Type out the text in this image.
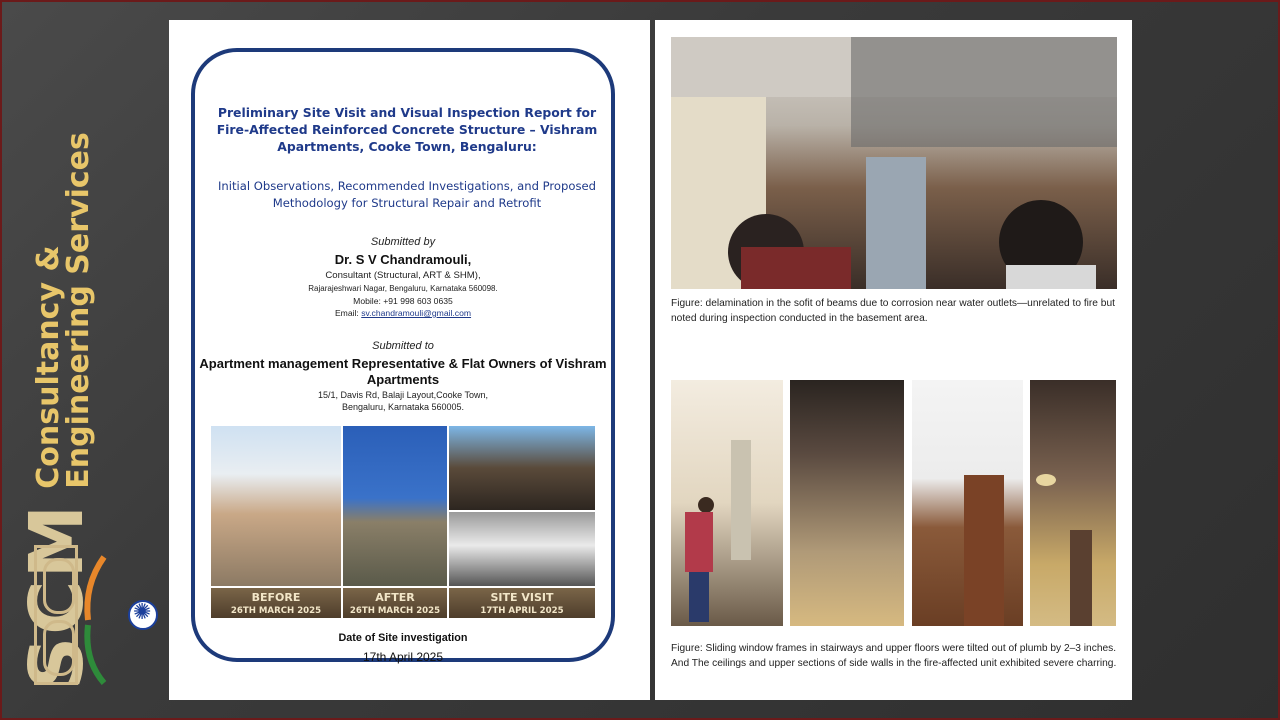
SCM
Consultancy &
Engineering Services
✺
Preliminary Site Visit and Visual Inspection Report for Fire-Affected Reinforced Concrete Structure – Vishram Apartments, Cooke Town, Bengaluru:
Initial Observations, Recommended Investigations, and Proposed Methodology for Structural Repair and Retrofit
Submitted by
Dr. S V Chandramouli,
Consultant (Structural, ART & SHM),
Rajarajeshwari Nagar, Bengaluru, Karnataka 560098.
Mobile: +91 998 603 0635
Email: sv.chandramouli@gmail.com
Submitted to
Apartment management Representative & Flat Owners of Vishram Apartments
15/1, Davis Rd, Balaji Layout,Cooke Town,
Bengaluru, Karnataka 560005.
BEFORE
26TH MARCH 2025
AFTER
26TH MARCH 2025
SITE VISIT
17TH APRIL 2025
Date of Site investigation
17th April 2025
Figure: delamination in the sofit of beams due to corrosion near water outlets—unrelated to fire but noted during inspection conducted in the basement area.
Figure: Sliding window frames in stairways and upper floors were tilted out of plumb by 2–3 inches. And The ceilings and upper sections of side walls in the fire-affected unit exhibited severe charring.
